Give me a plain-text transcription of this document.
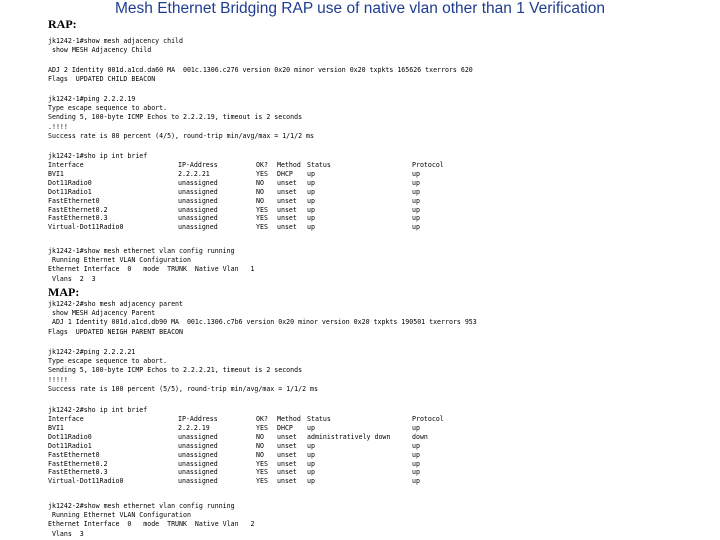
Mesh Ethernet Bridging RAP use of native vlan other than 1 Verification
RAP:
jk1242-1#show mesh adjacency child
show MESH Adjacency Child
ADJ 2 Identity 001d.a1cd.da60 MA  001c.1306.c276 version 0x20 minor version 0x20 txpkts 165626 txerrors 620
Flags  UPDATED CHILD BEACON
jk1242-1#ping 2.2.2.19
Type escape sequence to abort.
Sending 5, 100-byte ICMP Echos to 2.2.2.19, timeout is 2 seconds
.!!!!
Success rate is 80 percent (4/5), round-trip min/avg/max = 1/1/2 ms
jk1242-1#sho ip int brief
Interface	IP-Address	OK?	Method	Status	Protocol
BVI1	2.2.2.21	YES	DHCP	up	up
Dot11Radio0	unassigned	NO	unset	up	up
Dot11Radio1	unassigned	NO	unset	up	up
FastEthernet0	unassigned	NO	unset	up	up
FastEthernet0.2	unassigned	YES	unset	up	up
FastEthernet0.3	unassigned	YES	unset	up	up
Virtual-Dot11Radio0	unassigned	YES	unset	up	up
jk1242-1#show mesh ethernet vlan config running
Running Ethernet VLAN Configuration
Ethernet Interface  0   mode  TRUNK  Native Vlan   1
Vlans  2  3
MAP:
jk1242-2#sho mesh adjacency parent
show MESH Adjacency Parent
ADJ 1 Identity 001d.a1cd.db90 MA  001c.1306.c7b6 version 0x20 minor version 0x20 txpkts 190501 txerrors 953
Flags  UPDATED NEIGH PARENT BEACON
jk1242-2#ping 2.2.2.21
Type escape sequence to abort.
Sending 5, 100-byte ICMP Echos to 2.2.2.21, timeout is 2 seconds
!!!!!
Success rate is 100 percent (5/5), round-trip min/avg/max = 1/1/2 ms
jk1242-2#sho ip int brief
Interface	IP-Address	OK?	Method	Status	Protocol
BVI1	2.2.2.19	YES	DHCP	up	up
Dot11Radio0	unassigned	NO	unset	administratively down	down
Dot11Radio1	unassigned	NO	unset	up	up
FastEthernet0	unassigned	NO	unset	up	up
FastEthernet0.2	unassigned	YES	unset	up	up
FastEthernet0.3	unassigned	YES	unset	up	up
Virtual-Dot11Radio0	unassigned	YES	unset	up	up
jk1242-2#show mesh ethernet vlan config running
Running Ethernet VLAN Configuration
Ethernet Interface  0   mode  TRUNK  Native Vlan   2
Vlans  3
